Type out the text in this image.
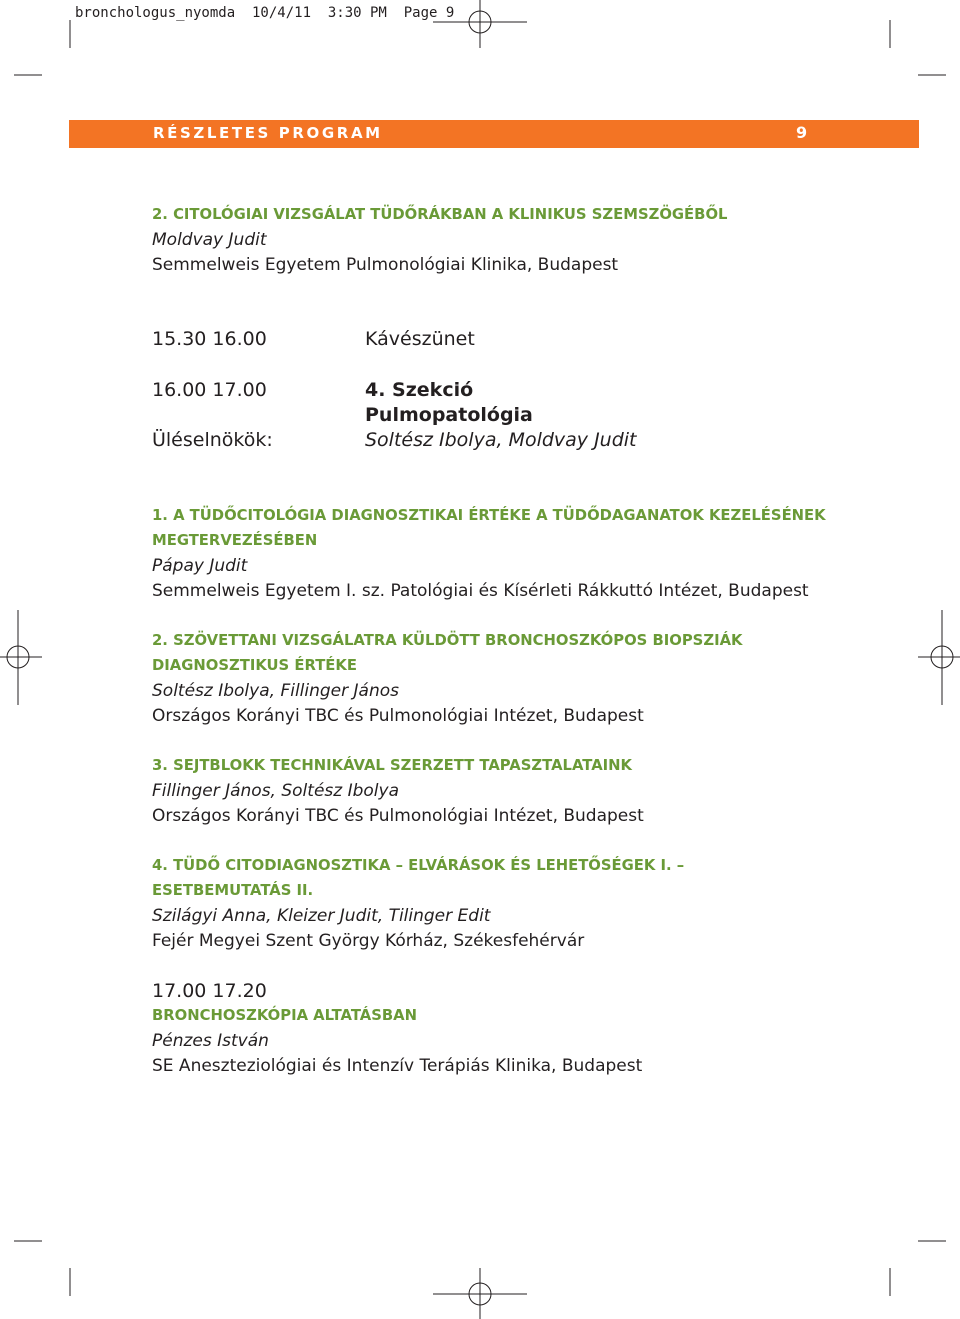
bronchologus_nyomda  10/4/11  3:30 PM  Page 9
RÉSZLETES PROGRAM	9
2. CITOLÓGIAI VIZSGÁLAT TÜDŐRÁKBAN A KLINIKUS SZEMSZÖGÉBŐL
Moldvay Judit
Semmelweis Egyetem Pulmonológiai Klinika, Budapest
15.30 16.00	Kávészünet
16.00 17.00	4. Szekció
Pulmopatológia
Üléselnökök:	Soltész Ibolya, Moldvay Judit
1. A TÜDŐCITOLÓGIA DIAGNOSZTIKAI ÉRTÉKE A TÜDŐDAGANATOK KEZELÉSÉNEK
MEGTERVEZÉSÉBEN
Pápay Judit
Semmelweis Egyetem I. sz. Patológiai és Kísérleti Rákkuttó Intézet, Budapest
2. SZÖVETTANI VIZSGÁLATRA KÜLDÖTT BRONCHOSZKÓPOS BIOPSZIÁK
DIAGNOSZTIKUS ÉRTÉKE
Soltész Ibolya, Fillinger János
Országos Korányi TBC és Pulmonológiai Intézet, Budapest
3. SEJTBLOKK TECHNIKÁVAL SZERZETT TAPASZTALATAINK
Fillinger János, Soltész Ibolya
Országos Korányi TBC és Pulmonológiai Intézet, Budapest
4. TÜDŐ CITODIAGNOSZTIKA – ELVÁRÁSOK ÉS LEHETŐSÉGEK I. –
ESETBEMUTATÁS II.
Szilágyi Anna, Kleizer Judit, Tilinger Edit
Fejér Megyei Szent György Kórház, Székesfehérvár
17.00 17.20
BRONCHOSZKÓPIA ALTATÁSBAN
Pénzes István
SE Aneszteziológiai és Intenzív Terápiás Klinika, Budapest
